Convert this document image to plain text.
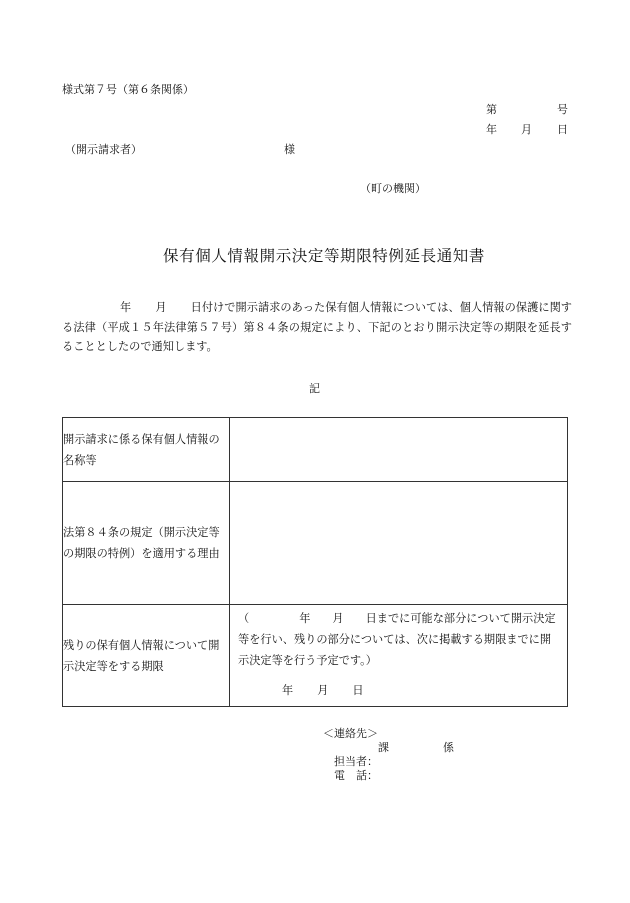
様式第７号（第６条関係）
第	号
年 月 日
（開示請求者）	様
（町の機関）
保有個人情報開示決定等期限特例延長通知書
年 月 日付けで開示請求のあった保有個人情報については、個人情報の保護に関する法律（平成１５年法律第５７号）第８４条の規定により、下記のとおり開示決定等の期限を延長することとしたので通知します。
記
開示請求に係る保有個人情報の名称等	
法第８４条の規定（開示決定等の期限の特例）を適用する理由	
残りの保有個人情報について開示決定等をする期限	（ 年 月 日までに可能な部分について開示決定等を行い、残りの部分については、次に掲載する期限までに開示決定等を行う予定です。）
年 月 日
＜連絡先＞
課	係
担当者：
電　話：
